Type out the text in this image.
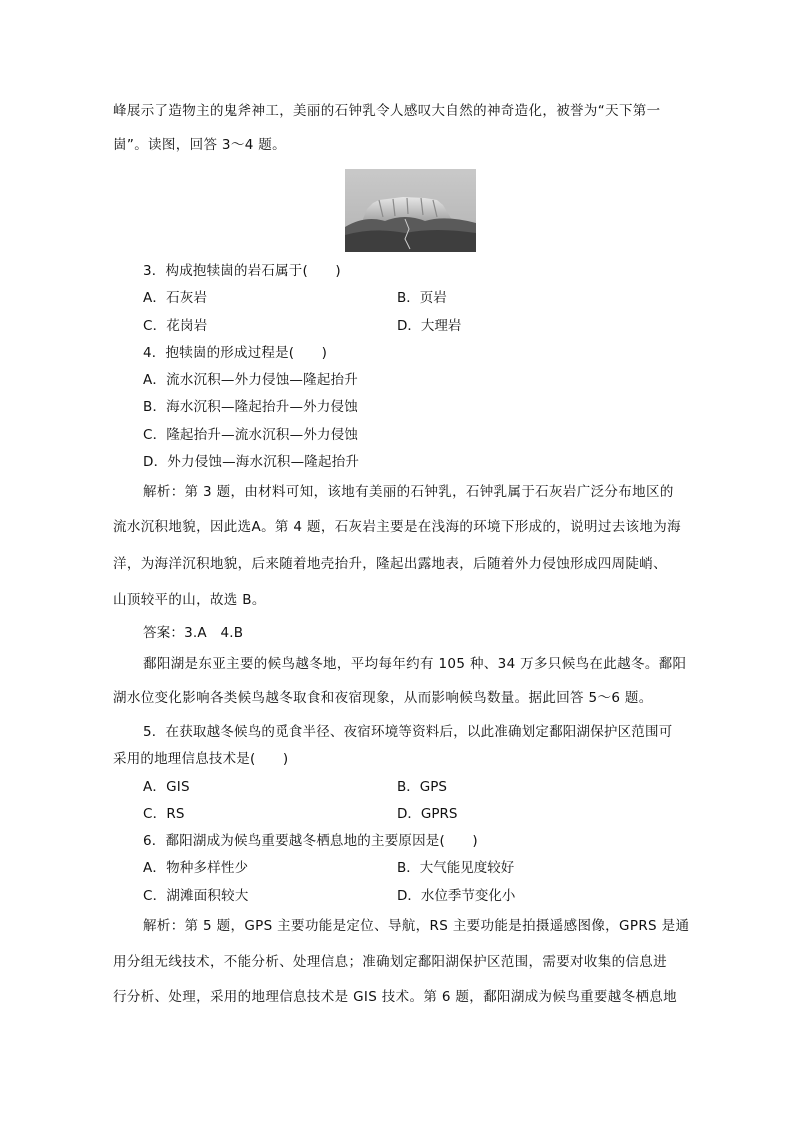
峰展示了造物主的鬼斧神工，美丽的石钟乳令人感叹大自然的神奇造化，被誉为“天下第一
崮”。读图，回答 3～4 题。
3．构成抱犊崮的岩石属于(　　)
A．石灰岩	B．页岩
C．花岗岩	D．大理岩
4．抱犊崮的形成过程是(　　)
A．流水沉积—外力侵蚀—隆起抬升
B．海水沉积—隆起抬升—外力侵蚀
C．隆起抬升—流水沉积—外力侵蚀
D．外力侵蚀—海水沉积—隆起抬升
解析：第 3 题，由材料可知，该地有美丽的石钟乳，石钟乳属于石灰岩广泛分布地区的
流水沉积地貌，因此选A。第 4 题，石灰岩主要是在浅海的环境下形成的，说明过去该地为海
洋，为海洋沉积地貌，后来随着地壳抬升，隆起出露地表，后随着外力侵蚀形成四周陡峭、
山顶较平的山，故选 B。
答案：3.A　4.B
鄱阳湖是东亚主要的候鸟越冬地，平均每年约有 105 种、34 万多只候鸟在此越冬。鄱阳
湖水位变化影响各类候鸟越冬取食和夜宿现象，从而影响候鸟数量。据此回答 5～6 题。
5．在获取越冬候鸟的觅食半径、夜宿环境等资料后，以此准确划定鄱阳湖保护区范围可
采用的地理信息技术是(　　)
A．GIS	B．GPS
C．RS	D．GPRS
6．鄱阳湖成为候鸟重要越冬栖息地的主要原因是(　　)
A．物种多样性少	B．大气能见度较好
C．湖滩面积较大	D．水位季节变化小
解析：第 5 题，GPS 主要功能是定位、导航，RS 主要功能是拍摄遥感图像，GPRS 是通
用分组无线技术，不能分析、处理信息；准确划定鄱阳湖保护区范围，需要对收集的信息进
行分析、处理，采用的地理信息技术是 GIS 技术。第 6 题，鄱阳湖成为候鸟重要越冬栖息地
